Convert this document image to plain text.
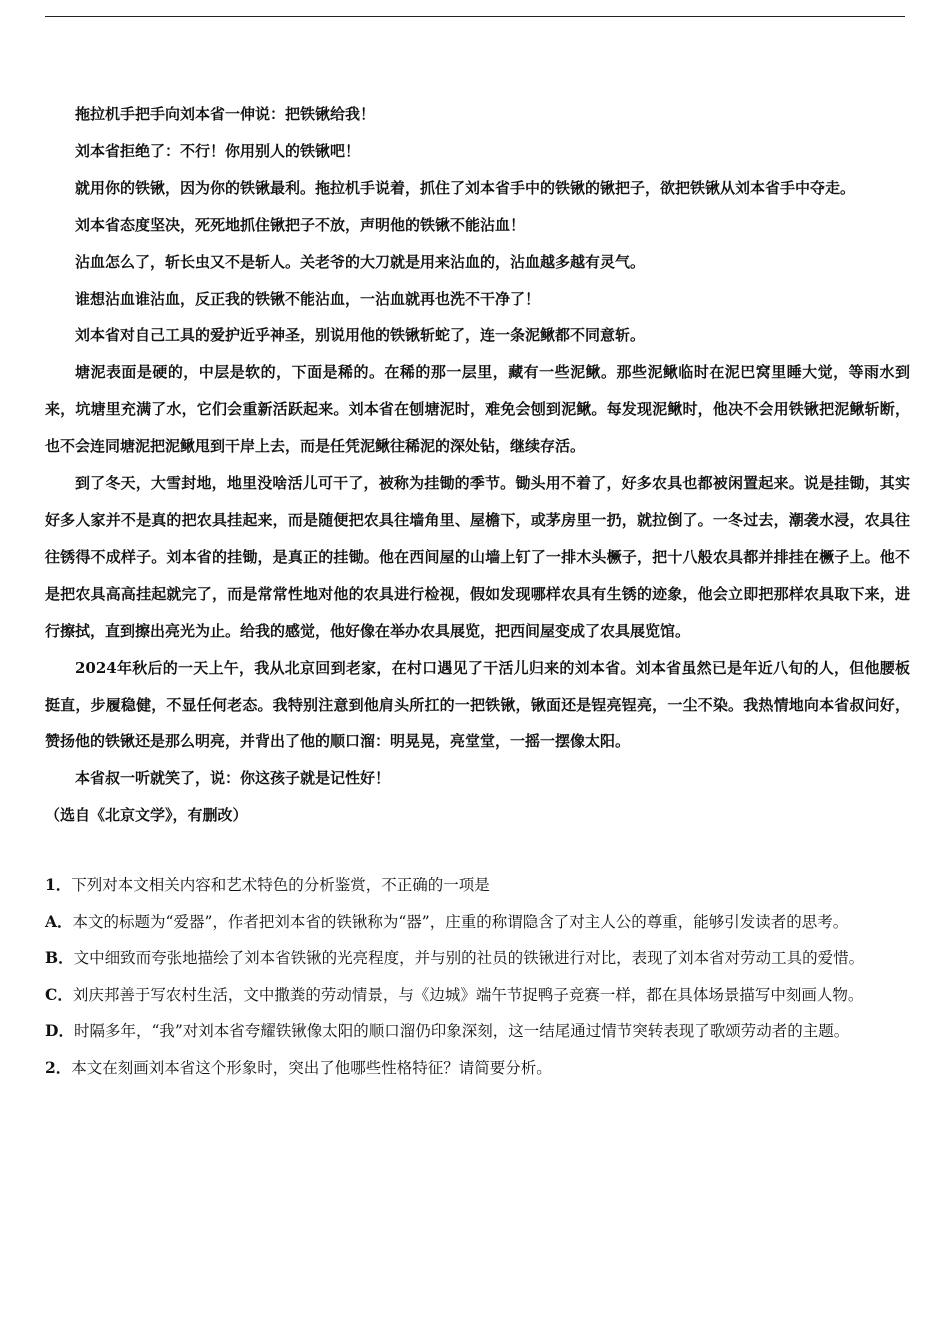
拖拉机手把手向刘本省一伸说：把铁锹给我！

刘本省拒绝了：不行！你用别人的铁锹吧！

就用你的铁锹，因为你的铁锹最利。拖拉机手说着，抓住了刘本省手中的铁锹的锹把子，欲把铁锹从刘本省手中夺走。

刘本省态度坚决，死死地抓住锹把子不放，声明他的铁锹不能沾血！

沾血怎么了，斩长虫又不是斩人。关老爷的大刀就是用来沾血的，沾血越多越有灵气。

谁想沾血谁沾血，反正我的铁锹不能沾血，一沾血就再也洗不干净了！

刘本省对自己工具的爱护近乎神圣，别说用他的铁锹斩蛇了，连一条泥鳅都不同意斩。

塘泥表面是硬的，中层是软的，下面是稀的。在稀的那一层里，藏有一些泥鳅。那些泥鳅临时在泥巴窝里睡大觉，等雨水到来，坑塘里充满了水，它们会重新活跃起来。刘本省在刨塘泥时，难免会刨到泥鳅。每发现泥鳅时，他决不会用铁锹把泥鳅斩断，也不会连同塘泥把泥鳅甩到干岸上去，而是任凭泥鳅往稀泥的深处钻，继续存活。

到了冬天，大雪封地，地里没啥活儿可干了，被称为挂锄的季节。锄头用不着了，好多农具也都被闲置起来。说是挂锄，其实好多人家并不是真的把农具挂起来，而是随便把农具往墙角里、屋檐下，或茅房里一扔，就拉倒了。一冬过去，潮袭水浸，农具往往锈得不成样子。刘本省的挂锄，是真正的挂锄。他在西间屋的山墙上钉了一排木头橛子，把十八般农具都并排挂在橛子上。他不是把农具高高挂起就完了，而是常常性地对他的农具进行检视，假如发现哪样农具有生锈的迹象，他会立即把那样农具取下来，进行擦拭，直到擦出亮光为止。给我的感觉，他好像在举办农具展览，把西间屋变成了农具展览馆。

2024年秋后的一天上午，我从北京回到老家，在村口遇见了干活儿归来的刘本省。刘本省虽然已是年近八旬的人，但他腰板挺直，步履稳健，不显任何老态。我特别注意到他肩头所扛的一把铁锹，锹面还是锃亮锃亮，一尘不染。我热情地向本省叔问好，赞扬他的铁锹还是那么明亮，并背出了他的顺口溜：明晃晃，亮堂堂，一摇一摆像太阳。

本省叔一听就笑了，说：你这孩子就是记性好！

（选自《北京文学》，有删改）

1．下列对本文相关内容和艺术特色的分析鉴赏，不正确的一项是

A．本文的标题为“爱器”，作者把刘本省的铁锹称为“器”，庄重的称谓隐含了对主人公的尊重，能够引发读者的思考。

B．文中细致而夸张地描绘了刘本省铁锹的光亮程度，并与别的社员的铁锹进行对比，表现了刘本省对劳动工具的爱惜。

C．刘庆邦善于写农村生活，文中撒粪的劳动情景，与《边城》端午节捉鸭子竞赛一样，都在具体场景描写中刻画人物。

D．时隔多年，“我”对刘本省夸耀铁锹像太阳的顺口溜仍印象深刻，这一结尾通过情节突转表现了歌颂劳动者的主题。

2．本文在刻画刘本省这个形象时，突出了他哪些性格特征？请简要分析。
